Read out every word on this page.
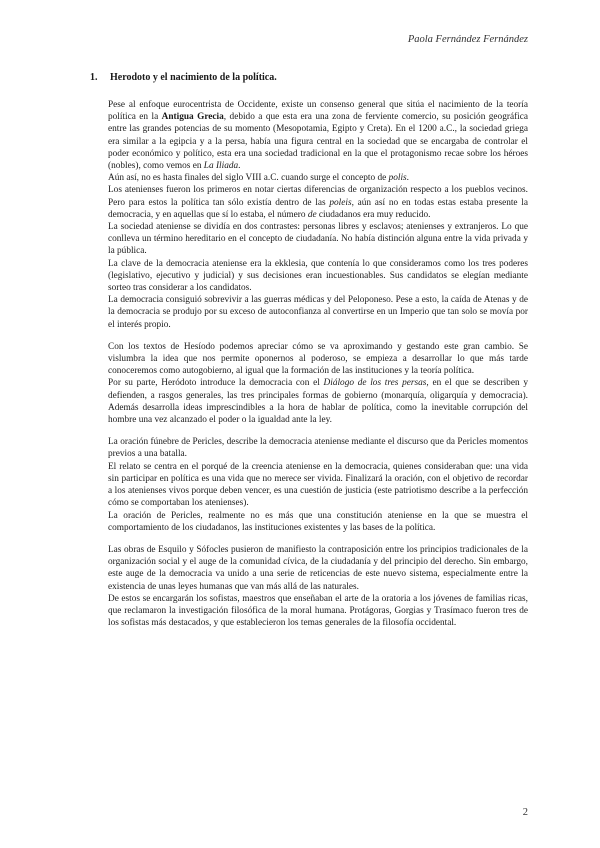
Paola Fernández Fernández
1. Herodoto y el nacimiento de la política.

Pese al enfoque eurocentrista de Occidente, existe un consenso general que sitúa el nacimiento de la teoría política en la Antigua Grecia, debido a que esta era una zona de ferviente comercio, su posición geográfica entre las grandes potencias de su momento (Mesopotamia, Egipto y Creta). En el 1200 a.C., la sociedad griega era similar a la egipcia y a la persa, había una figura central en la sociedad que se encargaba de controlar el poder económico y político, esta era una sociedad tradicional en la que el protagonismo recae sobre los héroes (nobles), como vemos en La Iliada.

Aún así, no es hasta finales del siglo VIII a.C. cuando surge el concepto de polis.

Los atenienses fueron los primeros en notar ciertas diferencias de organización respecto a los pueblos vecinos. Pero para estos la política tan sólo existía dentro de las poleis, aún así no en todas estas estaba presente la democracia, y en aquellas que sí lo estaba, el número de ciudadanos era muy reducido.

La sociedad ateniense se dividía en dos contrastes: personas libres y esclavos; atenienses y extranjeros. Lo que conlleva un término hereditario en el concepto de ciudadanía. No había distinción alguna entre la vida privada y la pública.

La clave de la democracia ateniense era la ekklesia, que contenía lo que consideramos como los tres poderes (legislativo, ejecutivo y judicial) y sus decisiones eran incuestionables. Sus candidatos se elegían mediante sorteo tras considerar a los candidatos.

La democracia consiguió sobrevivir a las guerras médicas y del Peloponeso. Pese a esto, la caída de Atenas y de la democracia se produjo por su exceso de autoconfianza al convertirse en un Imperio que tan solo se movía por el interés propio.

Con los textos de Hesíodo podemos apreciar cómo se va aproximando y gestando este gran cambio. Se vislumbra la idea que nos permite oponernos al poderoso, se empieza a desarrollar lo que más tarde conoceremos como autogobierno, al igual que la formación de las instituciones y la teoría política.

Por su parte, Heródoto introduce la democracia con el Diálogo de los tres persas, en el que se describen y defienden, a rasgos generales, las tres principales formas de gobierno (monarquía, oligarquía y democracia). Además desarrolla ideas imprescindibles a la hora de hablar de política, como la inevitable corrupción del hombre una vez alcanzado el poder o la igualdad ante la ley.

La oración fúnebre de Pericles, describe la democracia ateniense mediante el discurso que da Pericles momentos previos a una batalla.

El relato se centra en el porqué de la creencia ateniense en la democracia, quienes consideraban que: una vida sin participar en política es una vida que no merece ser vivida. Finalizará la oración, con el objetivo de recordar a los atenienses vivos porque deben vencer, es una cuestión de justicia (este patriotismo describe a la perfección cómo se comportaban los atenienses).

La oración de Pericles, realmente no es más que una constitución ateniense en la que se muestra el comportamiento de los ciudadanos, las instituciones existentes y las bases de la política.

Las obras de Esquilo y Sófocles pusieron de manifiesto la contraposición entre los principios tradicionales de la organización social y el auge de la comunidad cívica, de la ciudadanía y del principio del derecho. Sin embargo, este auge de la democracia va unido a una serie de reticencias de este nuevo sistema, especialmente entre la existencia de unas leyes humanas que van más allá de las naturales.

De estos se encargarán los sofistas, maestros que enseñaban el arte de la oratoria a los jóvenes de familias ricas, que reclamaron la investigación filosófica de la moral humana. Protágoras, Gorgias y Trasímaco fueron tres de los sofistas más destacados, y que establecieron los temas generales de la filosofía occidental.

2
